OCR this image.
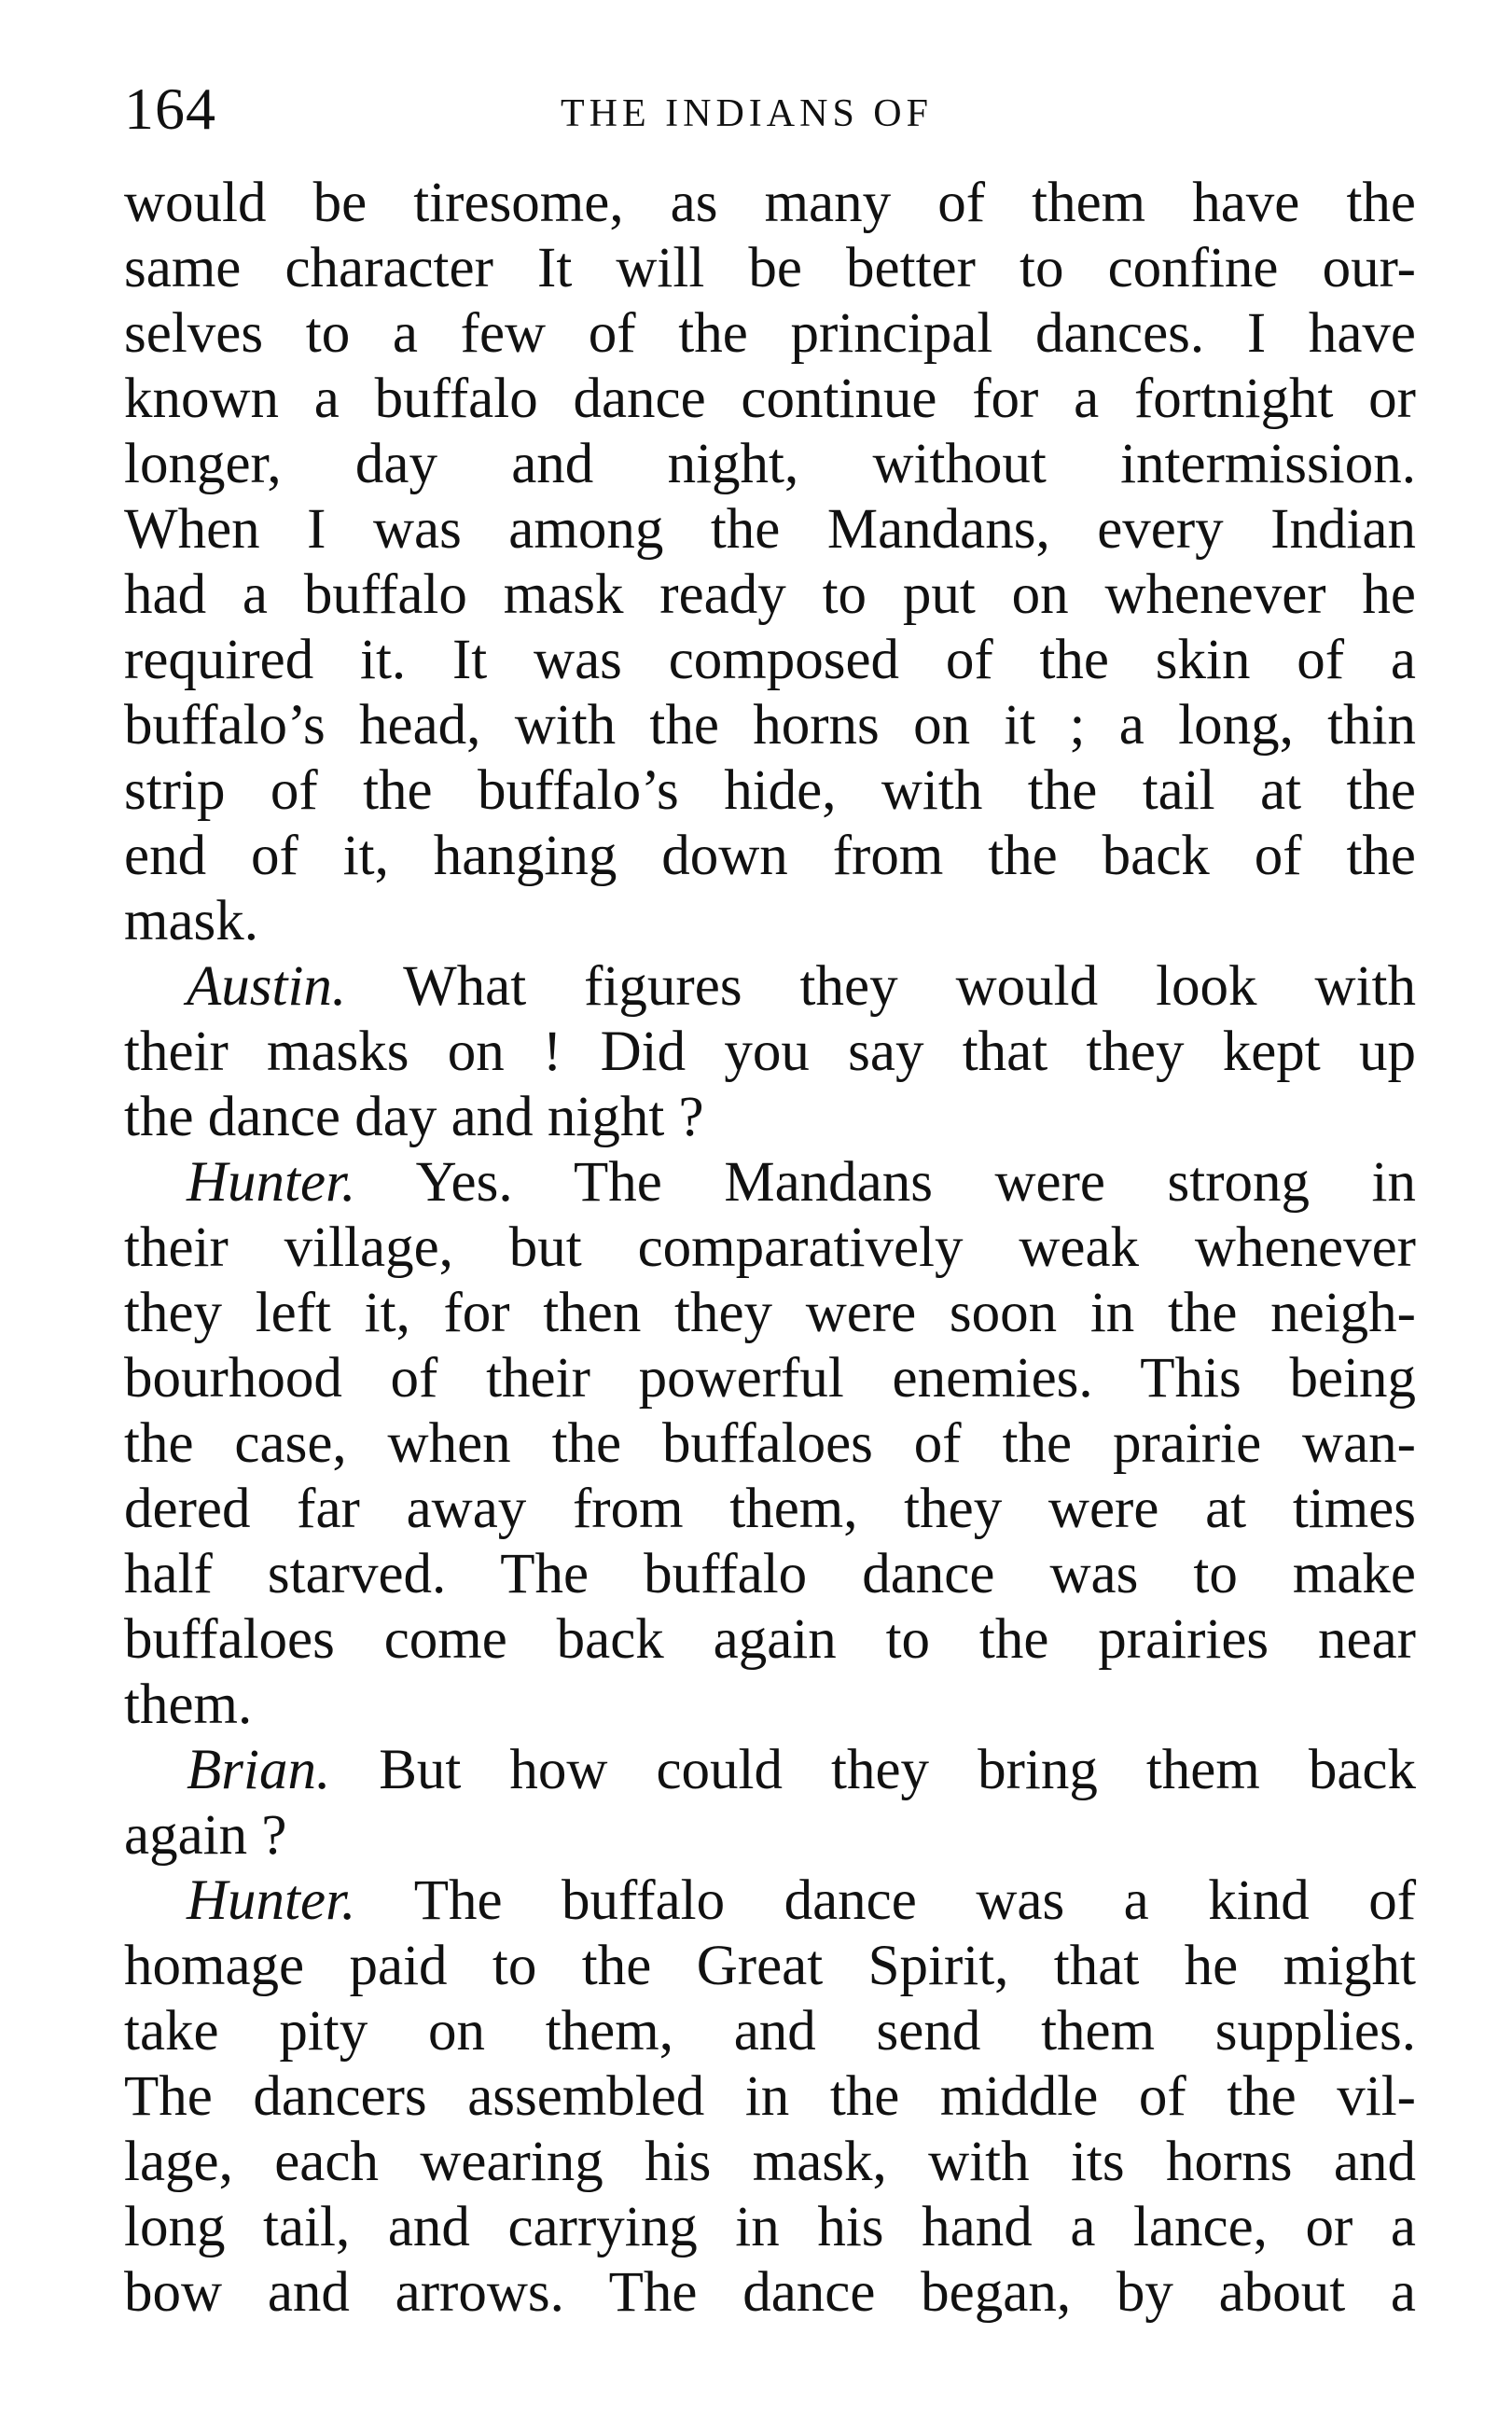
164	THE INDIANS OF
would be tiresome, as many of them have the
same character It will be better to confine our-
selves to a few of the principal dances. I have
known a buffalo dance continue for a fortnight or
longer, day and night, without intermission.
When I was among the Mandans, every Indian
had a buffalo mask ready to put on whenever he
required it. It was composed of the skin of a
buffalo’s head, with the horns on it ; a long, thin
strip of the buffalo’s hide, with the tail at the
end of it, hanging down from the back of the
mask.
Austin. What figures they would look with
their masks on ! Did you say that they kept up
the dance day and night ?
Hunter. Yes. The Mandans were strong in
their village, but comparatively weak whenever
they left it, for then they were soon in the neigh-
bourhood of their powerful enemies. This being
the case, when the buffaloes of the prairie wan-
dered far away from them, they were at times
half starved. The buffalo dance was to make
buffaloes come back again to the prairies near
them.
Brian. But how could they bring them back
again ?
Hunter. The buffalo dance was a kind of
homage paid to the Great Spirit, that he might
take pity on them, and send them supplies.
The dancers assembled in the middle of the vil-
lage, each wearing his mask, with its horns and
long tail, and carrying in his hand a lance, or a
bow and arrows. The dance began, by about a
